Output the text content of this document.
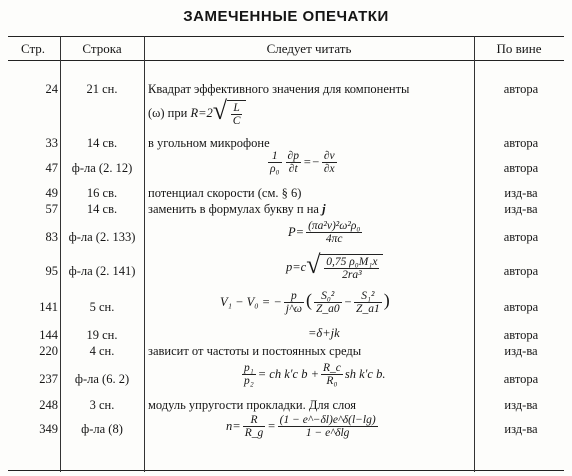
ЗАМЕЧЕННЫЕ ОПЕЧАТКИ
Стр.	Строка	Следует читать	По вине
24	21 сн.	Квадрат эффективного значения для компоненты	автора
(ω) при R=2 √ $\frac{L}{C}$
33	14 св.	в угольном микрофоне	автора
47	ф-ла (2. 12)	$\frac{1}{\text{ρ₀}} \frac{\partial p}{\partial t} =- \frac{\partial v}{\partial x}$	автора
49	16 св.	потенциал скорости (см. § 6)	изд-ва
57	14 св.	заменить в формулах букву п на j	изд-ва
83 ф-ла (2. 133)	$P= \frac{\text{(πa²v)²ω²ρ₀}}{4\pi c}$	автора
95 ф-ла (2. 141)	p=c √ $\frac{\text{0,75 ρ₀M₁x}}{\text{2ra³}}$	автора
141	5 сн.	V₁ − V₀ = − $\frac{p}{j\^{}\omega}$ ( $\frac{\text{S₀²}}{Z\_a0} - \frac{\text{S₁²}}{Z\_a1}$ )	автора
144	19 сн.	=δ+jk	автора
220	4 сн.	зависит от частоты и постоянных среды	изд-ва
237	ф-ла (6. 2)	$\frac{\text{p₁}}{\text{p₂}}$ = ch k′c $b + \frac{R\_c}{\text{R₀}}$ sh k′c b.	автора
248	3 сн.	модуль упругости прокладки. Для слоя	изд-ва
349	ф-ла (8)	$n= \frac{R}{R\_g} = \frac{(1 - e\^{}-\delta l)e\^{}\delta(l-\lg)}{1 - e\^{}\delta\lg}$	изд-ва
